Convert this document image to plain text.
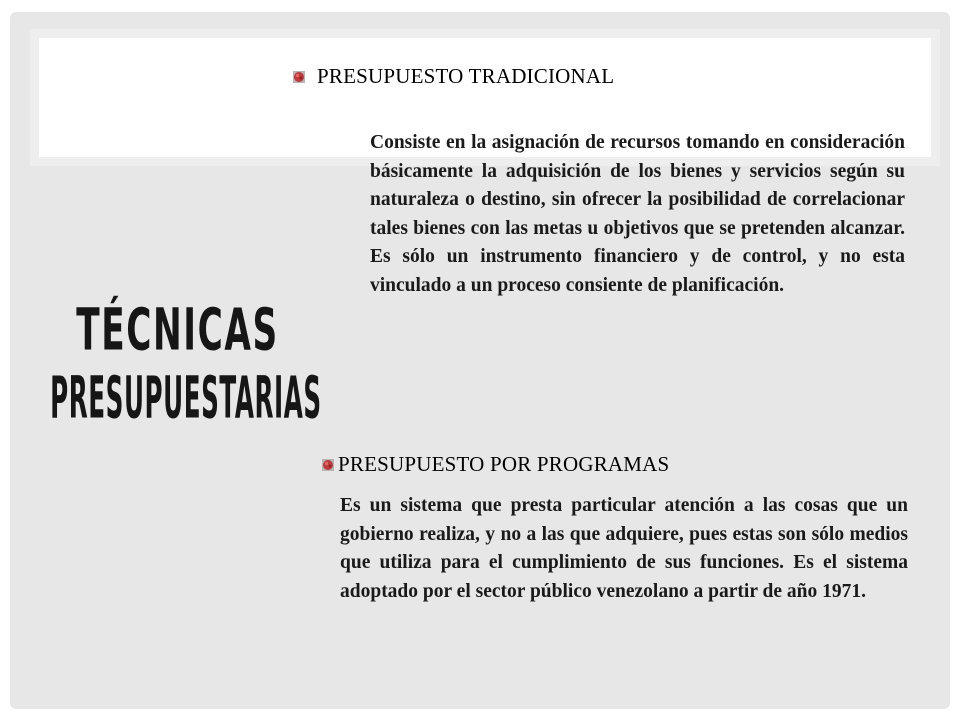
PRESUPUESTO TRADICIONAL
Consiste en la asignación de recursos tomando en consideración básicamente la adquisición de los bienes y servicios según su naturaleza o destino, sin ofrecer la posibilidad de correlacionar tales bienes con las metas u objetivos que se pretenden alcanzar. Es sólo un instrumento financiero y de control, y no esta vinculado a un proceso consiente de planificación.
TÉCNICAS
PRESUPUESTARIAS
PRESUPUESTO POR PROGRAMAS
Es un sistema que presta particular atención a las cosas que un gobierno realiza, y no a las que adquiere, pues estas son sólo medios que utiliza para el cumplimiento de sus funciones. Es el sistema adoptado por el sector público venezolano a partir de año 1971.
